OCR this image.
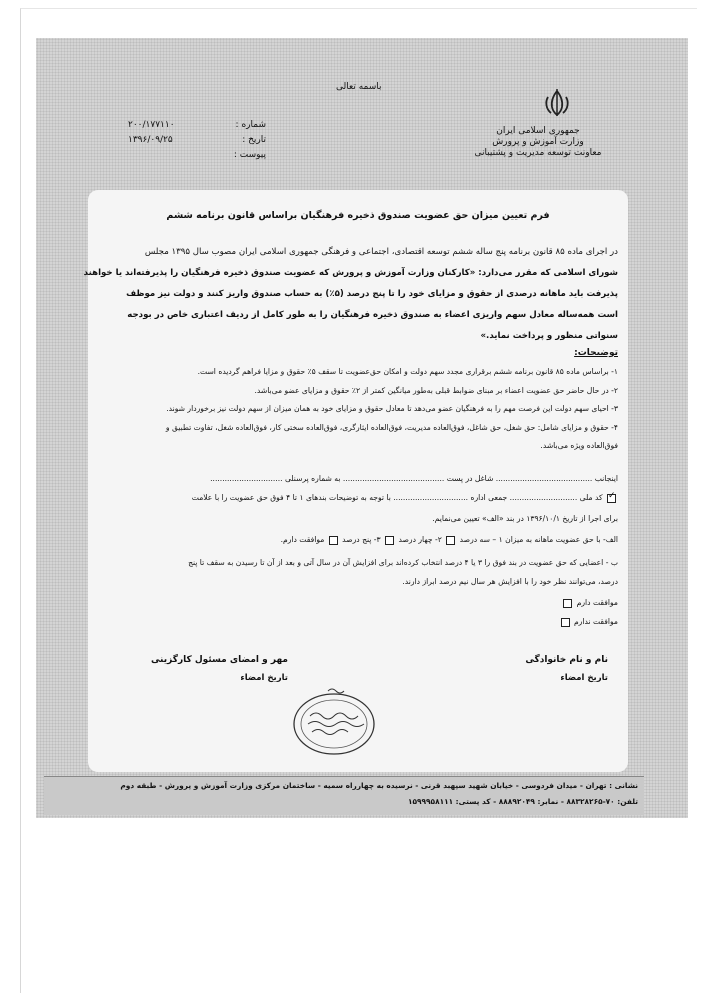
باسمه تعالی
جمهوری اسلامی ایران
وزارت آموزش و پرورش
معاونت توسعه مدیریت و پشتیبانی
شماره :
۲۰۰/۱۷۷۱۱۰
تاریخ :
۱۳۹۶/۰۹/۲۵
پیوست :
فرم تعیین میزان حق عضویت صندوق ذخیره فرهنگیان براساس قانون برنامه ششم
در اجرای ماده ۸۵ قانون برنامه پنج ساله ششم توسعه اقتصادی، اجتماعی و فرهنگی جمهوری اسلامی ایران مصوب سال ۱۳۹۵ مجلس
شورای اسلامی که مقرر می‌دارد: «کارکنان وزارت آموزش و پرورش که عضویت صندوق ذخیره فرهنگیان را پذیرفته‌اند یا خواهند
پذیرفت باید ماهانه درصدی از حقوق و مزایای خود را تا پنج درصد (۵٪) به حساب صندوق واریز کنند و دولت نیز موظف
است همه‌ساله معادل سهم واریزی اعضاء به صندوق ذخیره فرهنگیان را به طور کامل از ردیف اعتباری خاص در بودجه
سنواتی منظور و پرداخت نماید.»
توضیحات:
۱- براساس ماده ۸۵ قانون برنامه ششم برقراری مجدد سهم دولت و امکان حق‌عضویت تا سقف ۵٪ حقوق و مزایا فراهم گردیده است.
۲- در حال حاضر حق عضویت اعضاء بر مبنای ضوابط قبلی به‌طور میانگین کمتر از ۲٪ حقوق و مزایای عضو می‌باشد.
۳- احیای سهم دولت این فرصت مهم را به فرهنگیان عضو می‌دهد تا معادل حقوق و مزایای خود به همان میزان از سهم دولت نیز برخوردار شوند.
۴- حقوق و مزایای شامل: حق شغل، حق شاغل، فوق‌العاده مدیریت، فوق‌العاده ایثارگری، فوق‌العاده سختی کار، فوق‌العاده شغل، تفاوت تطبیق و
فوق‌العاده ویژه می‌باشد.
اینجانب ........................................ شاغل در پست .......................................... به شماره پرسنلی ..............................
✓ کد ملی ............................ جمعی اداره ............................... با توجه به توضیحات بندهای ۱ تا ۴ فوق حق عضویت را با علامت
برای اجرا از تاریخ ۱۳۹۶/۱۰/۱ در بند «الف» تعیین می‌نمایم.
الف- با حق عضویت ماهانه به میزان ۱ – سه درصد  ۲- چهار درصد  ۳- پنج درصد  موافقت دارم.
ب - اعضایی که حق عضویت در بند فوق را ۳ یا ۴ درصد انتخاب کرده‌اند برای افزایش آن در سال آتی و بعد از آن تا رسیدن به سقف تا پنج
درصد، می‌توانند نظر خود را با افزایش هر سال نیم درصد ابراز دارند.
موافقت دارم
موافقت ندارم
نام و نام خانوادگی
تاریخ امضاء
مهر و امضای مسئول کارگزینی
تاریخ امضاء
نشانی : تهران - میدان فردوسی - خیابان شهید سپهبد قرنی - نرسیده به چهارراه سمیه - ساختمان مرکزی وزارت آموزش و پرورش - طبقه دوم
تلفن: ۷۰-۸۸۳۲۸۲۶۵ - نمابر: ۸۸۸۹۲۰۴۹ - کد پستی: ۱۵۹۹۹۵۸۱۱۱
